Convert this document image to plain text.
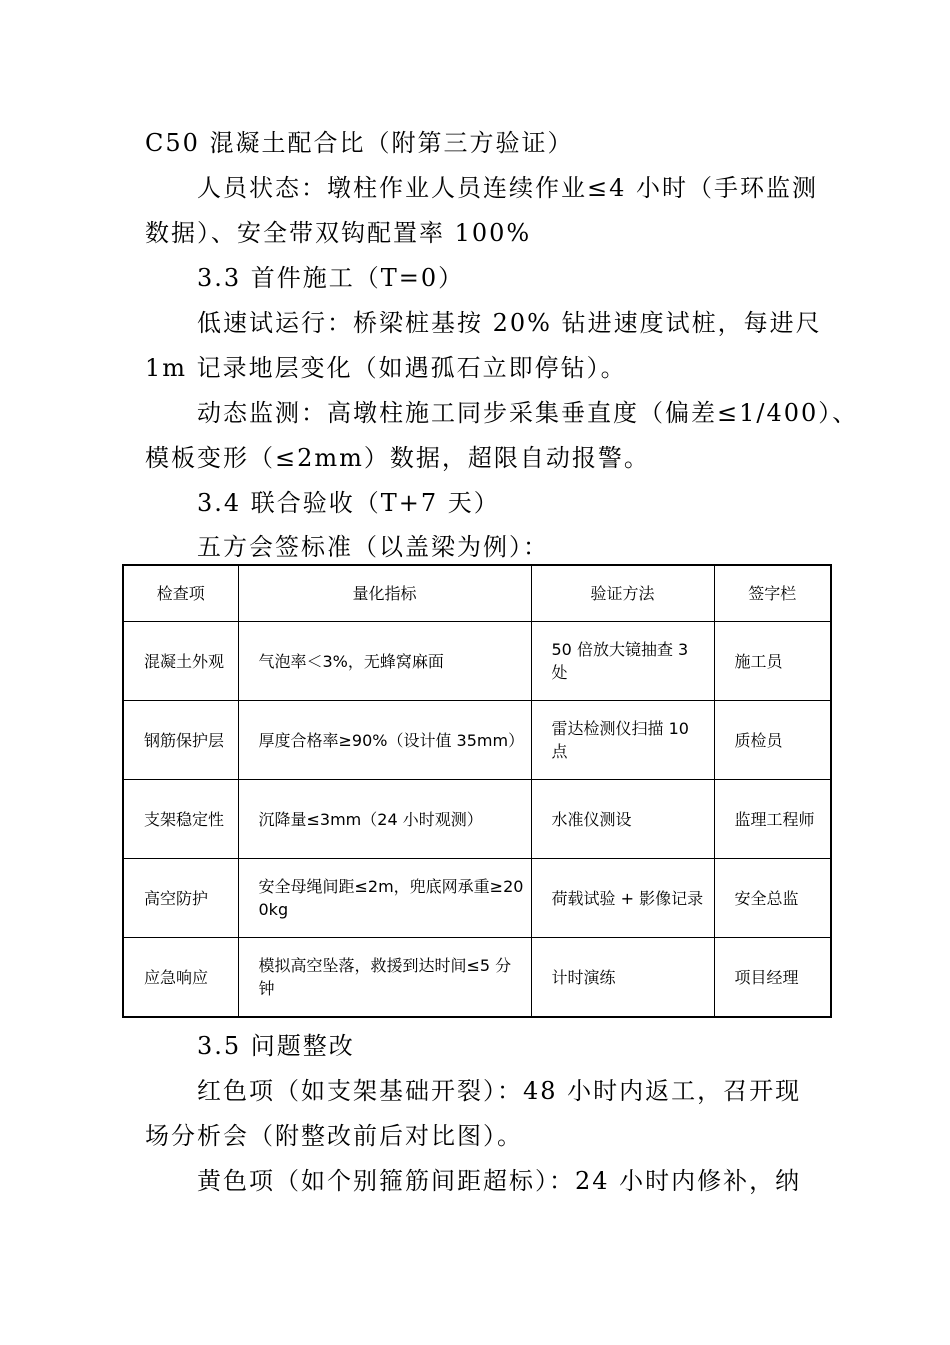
C50 混凝土配合比（附第三方验证）
人员状态：墩柱作业人员连续作业≤4 小时（手环监测
数据）、安全带双钩配置率 100%
3.3 首件施工（T=0）
低速试运行：桥梁桩基按 20% 钻进速度试桩，每进尺
1m 记录地层变化（如遇孤石立即停钻）。
动态监测：高墩柱施工同步采集垂直度（偏差≤1/400）、
模板变形（≤2mm）数据，超限自动报警。
3.4 联合验收（T+7 天）
五方会签标准（以盖梁为例）：
检查项	量化指标	验证方法	签字栏
混凝土外观	气泡率＜3%，无蜂窝麻面	50 倍放大镜抽查 3 处	施工员
钢筋保护层	厚度合格率≥90%（设计值 35mm）	雷达检测仪扫描 10 点	质检员
支架稳定性	沉降量≤3mm（24 小时观测）	水准仪测设	监理工程师
高空防护	安全母绳间距≤2m，兜底网承重≥200kg	荷载试验 + 影像记录	安全总监
应急响应	模拟高空坠落，救援到达时间≤5 分钟	计时演练	项目经理
3.5 问题整改
红色项（如支架基础开裂）：48 小时内返工，召开现
场分析会（附整改前后对比图）。
黄色项（如个别箍筋间距超标）：24 小时内修补，纳
